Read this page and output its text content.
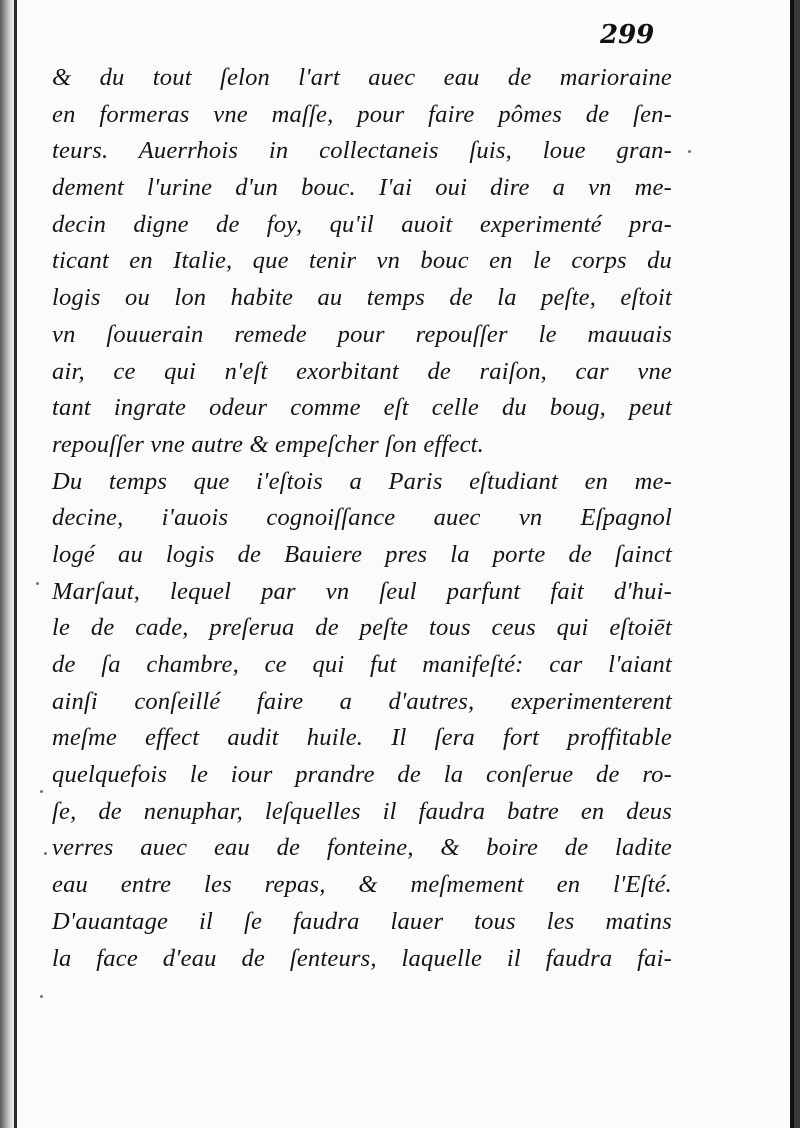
299
& du tout ſelon l'art auec eau de marioraine
en formeras vne maſſe, pour faire pômes de ſen-
teurs. Auerrhois in collectaneis ſuis, loue gran-
dement l'urine d'un bouc. I'ai oui dire a vn me-
decin digne de foy, qu'il auoit experimenté pra-
ticant en Italie, que tenir vn bouc en le corps du
logis ou lon habite au temps de la peſte, eſtoit
vn ſouuerain remede pour repouſſer le mauuais
air, ce qui n'eſt exorbitant de raiſon, car vne
tant ingrate odeur comme eſt celle du boug, peut
repouſſer vne autre & empeſcher ſon effect.
Du temps que i'eſtois a Paris eſtudiant en me-
decine, i'auois cognoiſſance auec vn Eſpagnol
logé au logis de Bauiere pres la porte de ſainct
Marſaut, lequel par vn ſeul parfunt fait d'hui-
le de cade, preſerua de peſte tous ceus qui eſtoiēt
de ſa chambre, ce qui fut manifeſté: car l'aiant
ainſi conſeillé faire a d'autres, experimenterent
meſme effect audit huile. Il ſera fort proffitable
quelquefois le iour prandre de la conſerue de ro-
ſe, de nenuphar, leſquelles il faudra batre en deus
verres auec eau de fonteine, & boire de ladite
eau entre les repas, & meſmement en l'Eſté.
D'auantage il ſe faudra lauer tous les matins
la face d'eau de ſenteurs, laquelle il faudra fai-
